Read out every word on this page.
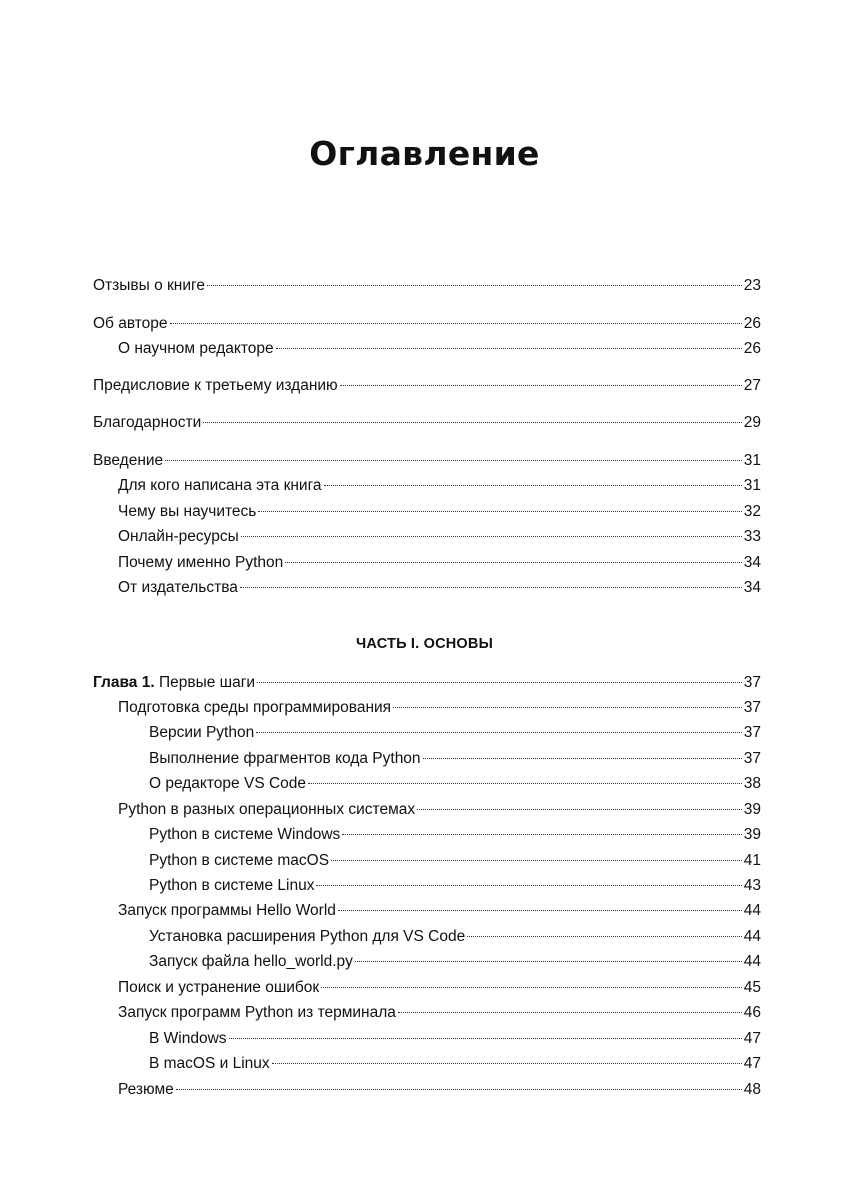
Оглавление
Отзывы о книге	23
Об авторе	26
О научном редакторе	26
Предисловие к третьему изданию	27
Благодарности	29
Введение	31
Для кого написана эта книга	31
Чему вы научитесь	32
Онлайн-ресурсы	33
Почему именно Python	34
От издательства	34
ЧАСТЬ I. ОСНОВЫ
Глава 1. Первые шаги	37
Подготовка среды программирования	37
Версии Python	37
Выполнение фрагментов кода Python	37
О редакторе VS Code	38
Python в разных операционных системах	39
Python в системе Windows	39
Python в системе macOS	41
Python в системе Linux	43
Запуск программы Hello World	44
Установка расширения Python для VS Code	44
Запуск файла hello_world.py	44
Поиск и устранение ошибок	45
Запуск программ Python из терминала	46
В Windows	47
В macOS и Linux	47
Резюме	48
